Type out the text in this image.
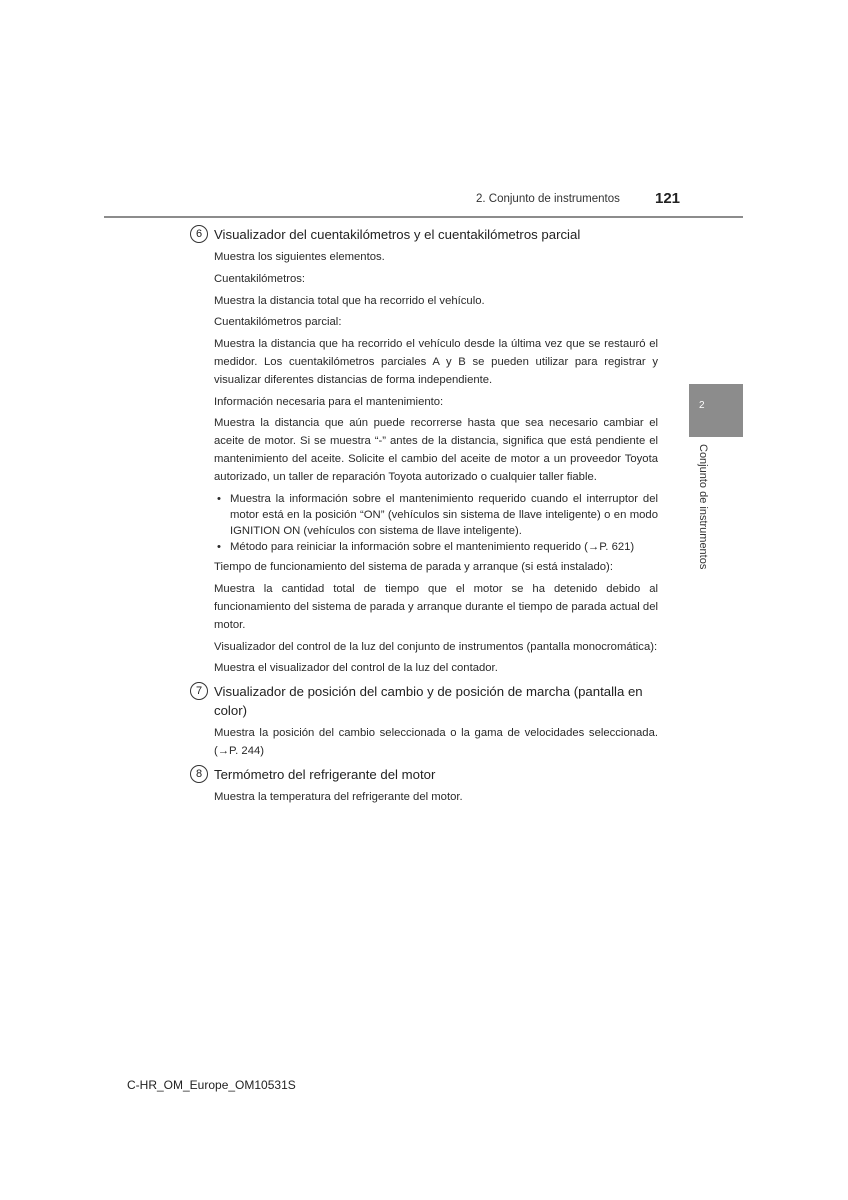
2. Conjunto de instrumentos 121
2
Conjunto de instrumentos
6 Visualizador del cuentakilómetros y el cuentakilómetros parcial

Muestra los siguientes elementos.

Cuentakilómetros:

Muestra la distancia total que ha recorrido el vehículo.

Cuentakilómetros parcial:

Muestra la distancia que ha recorrido el vehículo desde la última vez que se restauró el medidor. Los cuentakilómetros parciales A y B se pueden utilizar para registrar y visualizar diferentes distancias de forma independiente.

Información necesaria para el mantenimiento:

Muestra la distancia que aún puede recorrerse hasta que sea necesario cambiar el aceite de motor. Si se muestra “-” antes de la distancia, significa que está pendiente el mantenimiento del aceite. Solicite el cambio del aceite de motor a un proveedor Toyota autorizado, un taller de reparación Toyota autorizado o cualquier taller fiable.

• Muestra la información sobre el mantenimiento requerido cuando el interruptor del motor está en la posición “ON” (vehículos sin sistema de llave inteligente) o en modo IGNITION ON (vehículos con sistema de llave inteligente).
• Método para reiniciar la información sobre el mantenimiento requerido (→P. 621)

Tiempo de funcionamiento del sistema de parada y arranque (si está instalado):

Muestra la cantidad total de tiempo que el motor se ha detenido debido al funcionamiento del sistema de parada y arranque durante el tiempo de parada actual del motor.

Visualizador del control de la luz del conjunto de instrumentos (pantalla monocromática):

Muestra el visualizador del control de la luz del contador.

7 Visualizador de posición del cambio y de posición de marcha (pantalla en color)

Muestra la posición del cambio seleccionada o la gama de velocidades seleccionada. (→P. 244)

8 Termómetro del refrigerante del motor

Muestra la temperatura del refrigerante del motor.

C-HR_OM_Europe_OM10531S
